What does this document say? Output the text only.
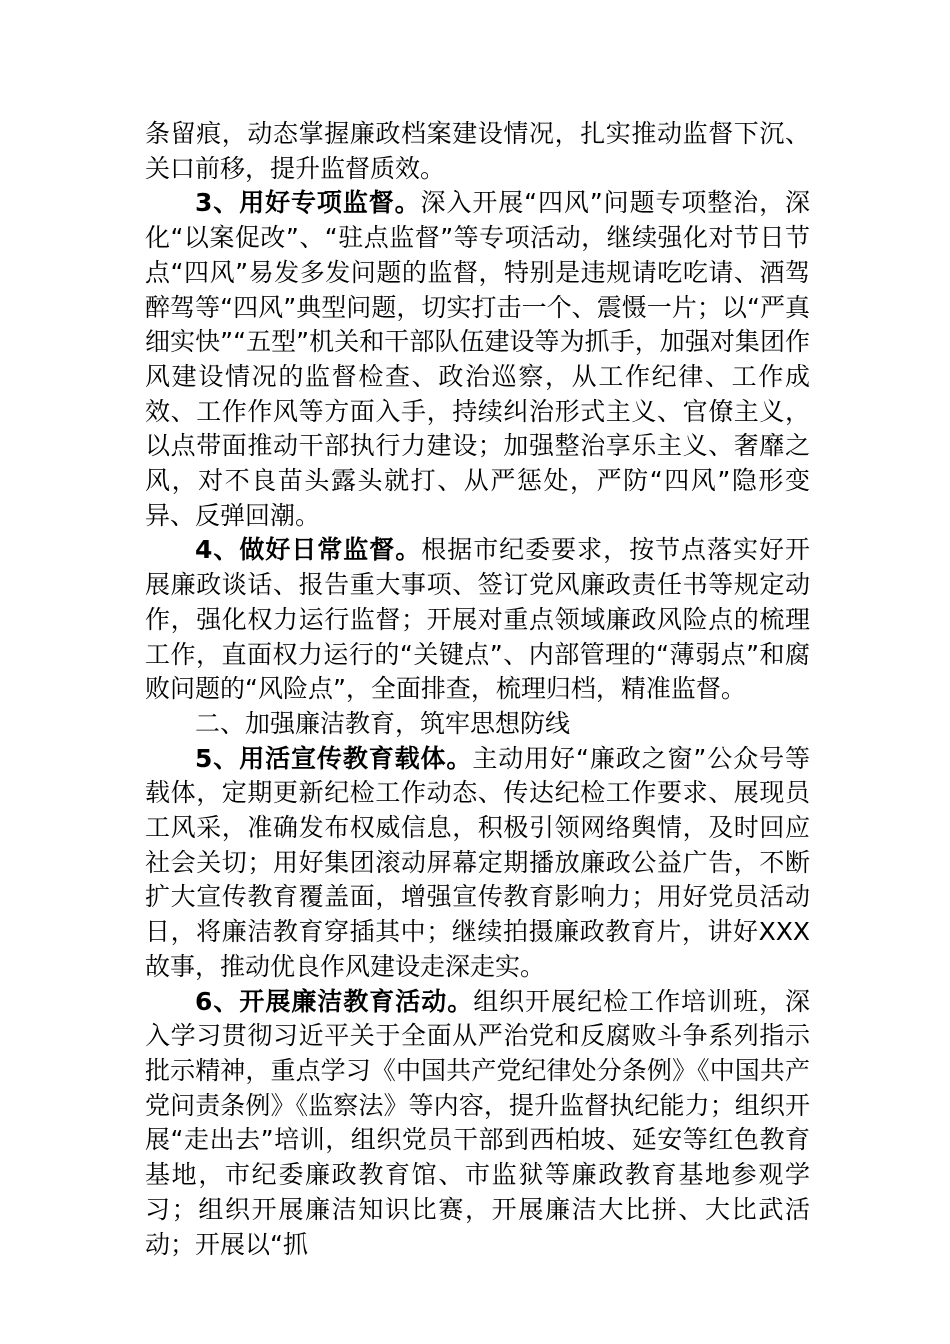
条留痕，动态掌握廉政档案建设情况，扎实推动监督下沉、关口前移，提升监督质效。

3、用好专项监督。深入开展“四风”问题专项整治，深化“以案促改”、“驻点监督”等专项活动，继续强化对节日节点“四风”易发多发问题的监督，特别是违规请吃吃请、酒驾醉驾等“四风”典型问题，切实打击一个、震慑一片；以“严真细实快”“五型”机关和干部队伍建设等为抓手，加强对集团作风建设情况的监督检查、政治巡察，从工作纪律、工作成效、工作作风等方面入手，持续纠治形式主义、官僚主义，以点带面推动干部执行力建设；加强整治享乐主义、奢靡之风，对不良苗头露头就打、从严惩处，严防“四风”隐形变异、反弹回潮。

4、做好日常监督。根据市纪委要求，按节点落实好开展廉政谈话、报告重大事项、签订党风廉政责任书等规定动作，强化权力运行监督；开展对重点领域廉政风险点的梳理工作，直面权力运行的“关键点”、内部管理的“薄弱点”和腐败问题的“风险点”，全面排查，梳理归档，精准监督。

二、加强廉洁教育，筑牢思想防线

5、用活宣传教育载体。主动用好“廉政之窗”公众号等载体，定期更新纪检工作动态、传达纪检工作要求、展现员工风采，准确发布权威信息，积极引领网络舆情，及时回应社会关切；用好集团滚动屏幕定期播放廉政公益广告，不断扩大宣传教育覆盖面，增强宣传教育影响力；用好党员活动日，将廉洁教育穿插其中；继续拍摄廉政教育片，讲好XXX故事，推动优良作风建设走深走实。

6、开展廉洁教育活动。组织开展纪检工作培训班，深入学习贯彻习近平关于全面从严治党和反腐败斗争系列指示批示精神，重点学习《中国共产党纪律处分条例》《中国共产党问责条例》《监察法》等内容，提升监督执纪能力；组织开展“走出去”培训，组织党员干部到西柏坡、延安等红色教育基地，市纪委廉政教育馆、市监狱等廉政教育基地参观学习；组织开展廉洁知识比赛，开展廉洁大比拼、大比武活动；开展以“抓
